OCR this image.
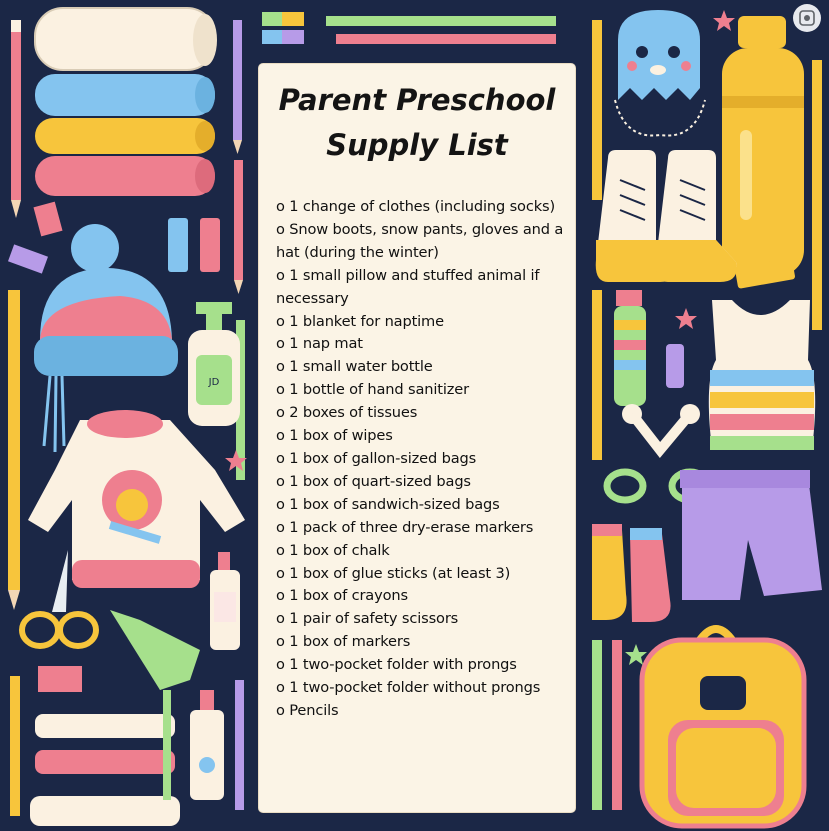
JD
Parent Preschool
Supply List
o 1 change of clothes (including socks)
o Snow boots, snow pants, gloves and a hat (during the winter)
o 1 small pillow and stuffed animal if necessary
o 1 blanket for naptime
o 1 nap mat
o 1 small water bottle
o 1 bottle of hand sanitizer
o 2 boxes of tissues
o 1 box of wipes
o 1 box of gallon-sized bags
o 1 box of quart-sized bags
o 1 box of sandwich-sized bags
o 1 pack of three dry-erase markers
o 1 box of chalk
o 1 box of glue sticks (at least 3)
o 1 box of crayons
o 1 pair of safety scissors
o 1 box of markers
o 1 two-pocket folder with prongs
o 1 two-pocket folder without prongs
o Pencils
